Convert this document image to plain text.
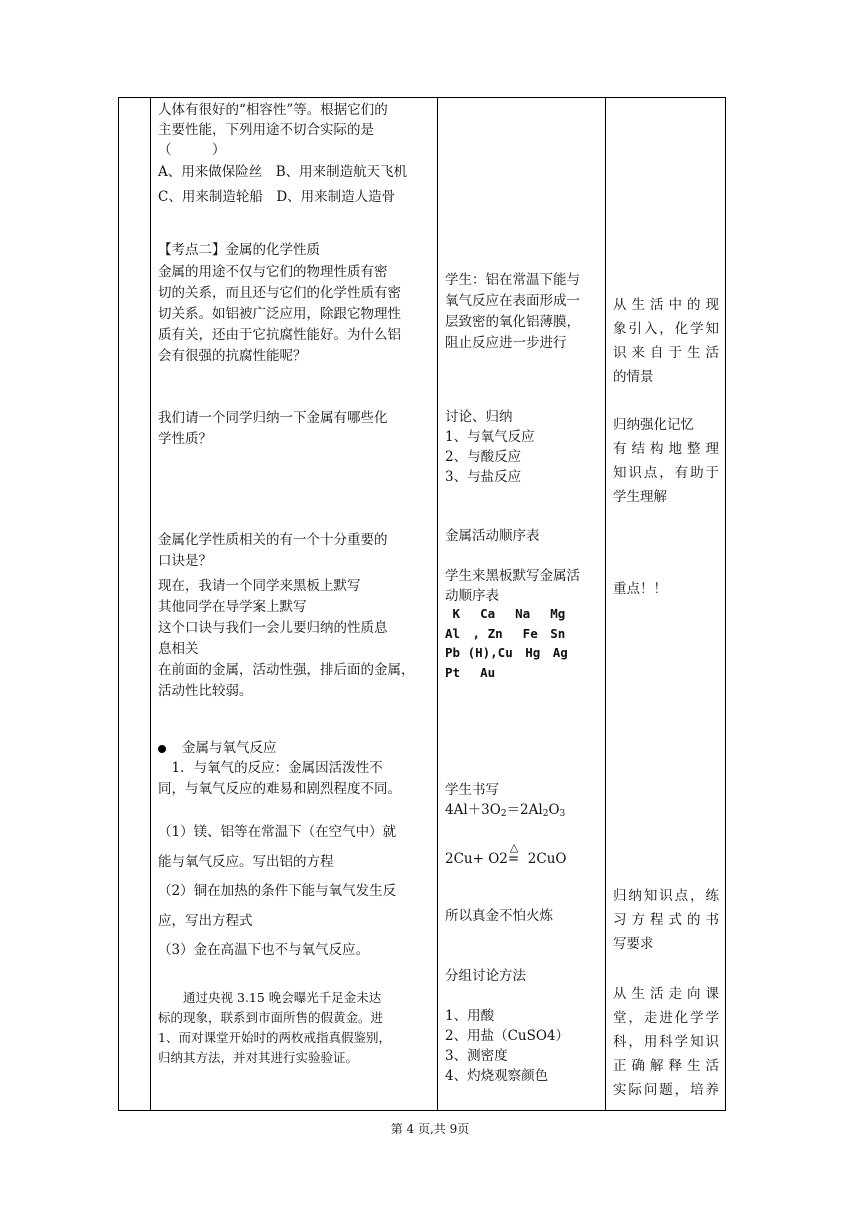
人体有很好的“相容性”等。根据它们的
主要性能，下列用途不切合实际的是
（　　　）
A、用来做保险丝　B、用来制造航天飞机
C、用来制造轮船　D、用来制造人造骨
【考点二】金属的化学性质
金属的用途不仅与它们的物理性质有密
切的关系，而且还与它们的化学性质有密
切关系。如铝被广泛应用，除跟它物理性
质有关，还由于它抗腐性能好。为什么铝
会有很强的抗腐性能呢？
我们请一个同学归纳一下金属有哪些化
学性质？
金属化学性质相关的有一个十分重要的
口诀是？
现在，我请一个同学来黑板上默写
其他同学在导学案上默写
这个口诀与我们一会儿要归纳的性质息
息相关
在前面的金属，活动性强，排后面的金属，
活动性比较弱。
金属与氧气反应
　1．与氧气的反应：金属因活泼性不
同，与氧气反应的难易和剧烈程度不同。
（1）镁、铝等在常温下（在空气中）就
能与氧气反应。写出铝的方程
（2）铜在加热的条件下能与氧气发生反
应，写出方程式
（3）金在高温下也不与氧气反应。
　　通过央视 3.15 晚会曝光千足金未达
标的现象，联系到市面所售的假黄金。进
1、而对课堂开始时的两枚戒指真假鉴别，
归纳其方法，并对其进行实验验证。
学生：铝在常温下能与
氧气反应在表面形成一
层致密的氧化铝薄膜，
阻止反应进一步进行
讨论、归纳
1、与氧气反应
2、与酸反应
3、与盐反应
金属活动顺序表
学生来黑板默写金属活
动顺序表
K　 Ca　 Na　 Mg
Al　, Zn　 Fe　Sn
Pb (H),Cu　Hg　Ag
Pt　 Au
学生书写
$4Al+3O_2=2Al_2O_3$
2Cu+ O2
△
= 2CuO
所以真金不怕火炼
分组讨论方法
1、用酸
2、用盐（CuSO4）
3、测密度
4、灼烧观察颜色
从生活中的现
象引入，化学知
识来自于生活
的情景
归纳强化记忆
有结构地整理
知识点，有助于
学生理解
重点！！
归纳知识点，练
习方程式的书
写要求
从生活走向课
堂，走进化学学
科，用科学知识
正确解释生活
实际问题，培养
第 4 页,共 9页
